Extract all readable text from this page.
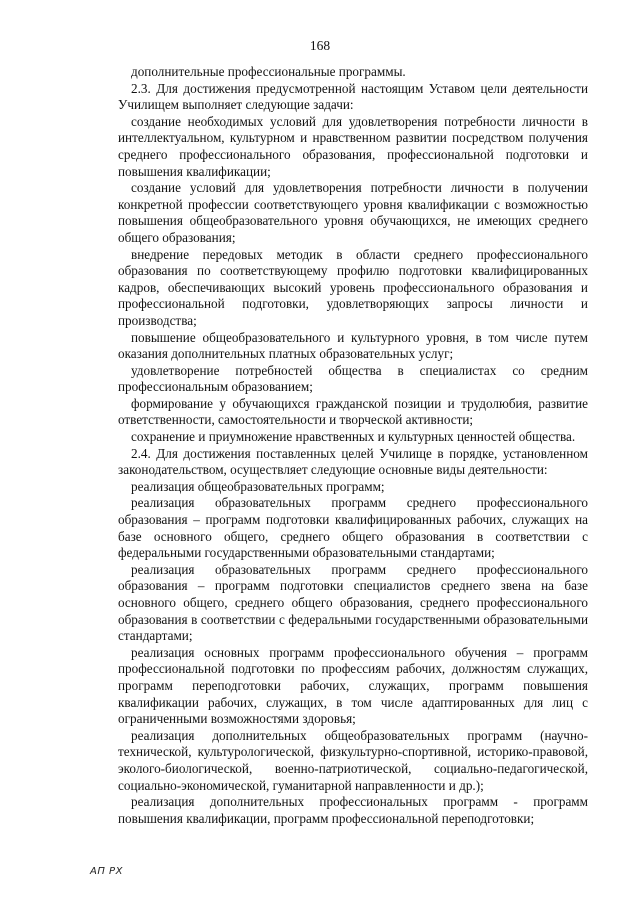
168

дополнительные профессиональные программы.

2.3. Для достижения предусмотренной настоящим Уставом цели деятельности Училищем выполняет следующие задачи:

создание необходимых условий для удовлетворения потребности личности в интеллектуальном, культурном и нравственном развитии посредством получения среднего профессионального образования, профессиональной подготовки и повышения квалификации;

создание условий для удовлетворения потребности личности в получении конкретной профессии соответствующего уровня квалификации с возможностью повышения общеобразовательного уровня обучающихся, не имеющих среднего общего образования;

внедрение передовых методик в области среднего профессионального образования по соответствующему профилю подготовки квалифицированных кадров, обеспечивающих высокий уровень профессионального образования и профессиональной подготовки, удовлетворяющих запросы личности и производства;

повышение общеобразовательного и культурного уровня, в том числе путем оказания дополнительных платных образовательных услуг;

удовлетворение потребностей общества в специалистах со средним профессиональным образованием;

формирование у обучающихся гражданской позиции и трудолюбия, развитие ответственности, самостоятельности и творческой активности;

сохранение и приумножение нравственных и культурных ценностей общества.

2.4. Для достижения поставленных целей Училище в порядке, установленном законодательством, осуществляет следующие основные виды деятельности:

реализация общеобразовательных программ;

реализация образовательных программ среднего профессионального образования – программ подготовки квалифицированных рабочих, служащих на базе основного общего, среднего общего образования в соответствии с федеральными государственными образовательными стандартами;

реализация образовательных программ среднего профессионального образования – программ подготовки специалистов среднего звена на базе основного общего, среднего общего образования, среднего профессионального образования в соответствии с федеральными государственными образовательными стандартами;

реализация основных программ профессионального обучения – программ профессиональной подготовки по профессиям рабочих, должностям служащих, программ переподготовки рабочих, служащих, программ повышения квалификации рабочих, служащих, в том числе адаптированных для лиц с ограниченными возможностями здоровья;

реализация дополнительных общеобразовательных программ (научно-технической, культурологической, физкультурно-спортивной, историко-правовой, эколого-биологической, военно-патриотической, социально-педагогической, социально-экономической, гуманитарной направленности и др.);

реализация дополнительных профессиональных программ - программ повышения квалификации, программ профессиональной переподготовки;

АП РХ
